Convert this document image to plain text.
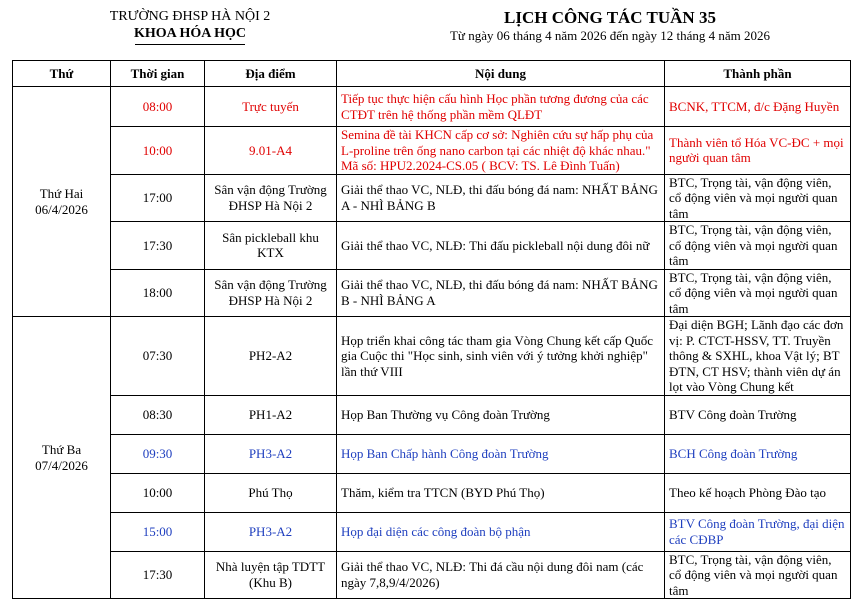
TRƯỜNG ĐHSP HÀ NỘI 2
KHOA HÓA HỌC
LỊCH CÔNG TÁC TUẦN 35
Từ ngày 06 tháng 4 năm 2026 đến ngày 12 tháng 4 năm 2026
Thứ	Thời gian	Địa điểm	Nội dung	Thành phần
Thứ Hai
06/4/2026	08:00	Trực tuyến	Tiếp tục thực hiện cấu hình Học phần tương đương của các CTĐT trên hệ thống phần mềm QLĐT	BCNK, TTCM, đ/c Đặng Huyền
	10:00	9.01-A4	Semina đề tài KHCN cấp cơ sở: Nghiên cứu sự hấp phụ của L-proline trên ống nano carbon tại các nhiệt độ khác nhau."
Mã số: HPU2.2024-CS.05 ( BCV: TS. Lê Đình Tuấn)	Thành viên tổ Hóa VC-ĐC + mọi người quan tâm
	17:00	Sân vận động Trường ĐHSP Hà Nội 2	Giải thể thao VC, NLĐ, thi đấu bóng đá nam: NHẤT BẢNG A - NHÌ BẢNG B	BTC, Trọng tài, vận động viên, cổ động viên và mọi người quan tâm
	17:30	Sân pickleball khu KTX	Giải thể thao VC, NLĐ: Thi đấu pickleball nội dung đôi nữ	BTC, Trọng tài, vận động viên, cổ động viên và mọi người quan tâm
	18:00	Sân vận động Trường ĐHSP Hà Nội 2	Giải thể thao VC, NLĐ, thi đấu bóng đá nam: NHẤT BẢNG B - NHÌ BẢNG A	BTC, Trọng tài, vận động viên, cổ động viên và mọi người quan tâm
Thứ Ba
07/4/2026	07:30	PH2-A2	Họp triển khai công tác tham gia Vòng Chung kết cấp Quốc gia Cuộc thi "Học sinh, sinh viên với ý tưởng khởi nghiệp" lần thứ VIII	Đại diện BGH; Lãnh đạo các đơn vị: P. CTCT-HSSV, TT. Truyền thông & SXHL, khoa Vật lý; BT ĐTN, CT HSV; thành viên dự án lọt vào Vòng Chung kết
	08:30	PH1-A2	Họp Ban Thường vụ Công đoàn Trường	BTV Công đoàn Trường
	09:30	PH3-A2	Họp Ban Chấp hành Công đoàn Trường	BCH Công đoàn Trường
	10:00	Phú Thọ	Thăm, kiểm tra TTCN (BYD Phú Thọ)	Theo kế hoạch Phòng Đào tạo
	15:00	PH3-A2	Họp đại diện các công đoàn bộ phận	BTV Công đoàn Trường, đại diện các CĐBP
	17:30	Nhà luyện tập TDTT (Khu B)	Giải thể thao VC, NLĐ: Thi đá cầu nội dung đôi nam (các ngày 7,8,9/4/2026)	BTC, Trọng tài, vận động viên, cổ động viên và mọi người quan tâm
